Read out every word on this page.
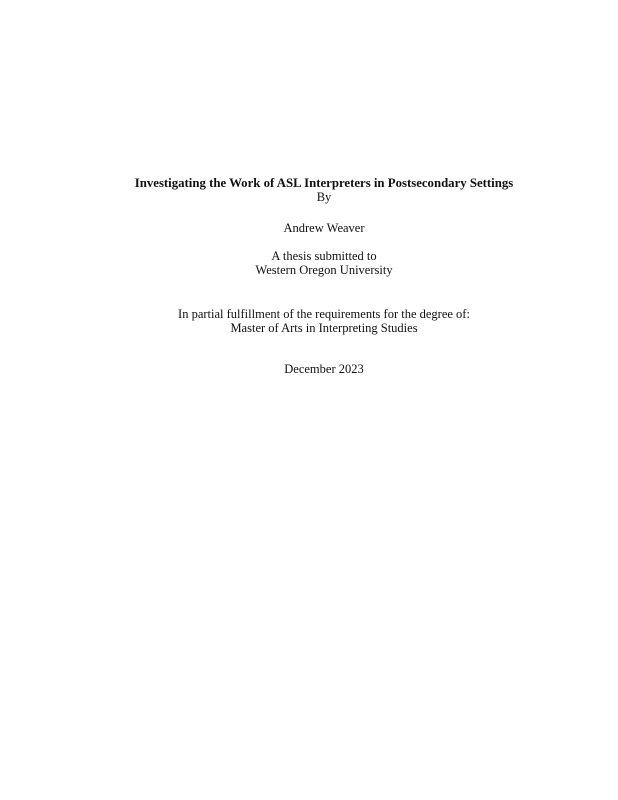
Investigating the Work of ASL Interpreters in Postsecondary Settings

By

Andrew Weaver

A thesis submitted to

Western Oregon University

In partial fulfillment of the requirements for the degree of:

Master of Arts in Interpreting Studies

December 2023
